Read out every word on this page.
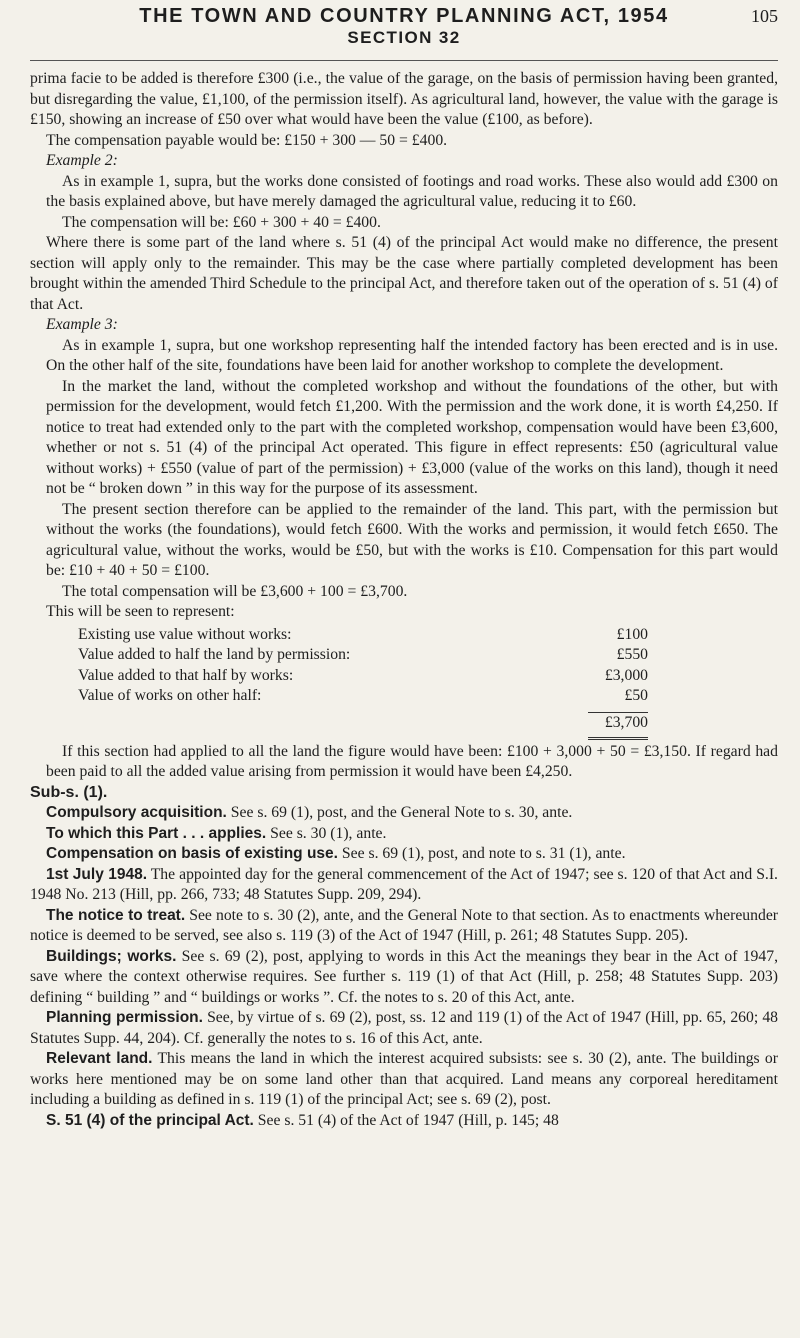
THE TOWN AND COUNTRY PLANNING ACT, 1954	105
SECTION 32

prima facie to be added is therefore £300 (i.e., the value of the garage, on the basis of permission having been granted, but disregarding the value, £1,100, of the permission itself). As agricultural land, however, the value with the garage is £150, showing an increase of £50 over what would have been the value (£100, as before).

The compensation payable would be: £150 + 300 — 50 = £400.

Example 2:

As in example 1, supra, but the works done consisted of footings and road works. These also would add £300 on the basis explained above, but have merely damaged the agricultural value, reducing it to £60.

The compensation will be: £60 + 300 + 40 = £400.

Where there is some part of the land where s. 51 (4) of the principal Act would make no difference, the present section will apply only to the remainder. This may be the case where partially completed development has been brought within the amended Third Schedule to the principal Act, and therefore taken out of the operation of s. 51 (4) of that Act.

Example 3:

As in example 1, supra, but one workshop representing half the intended factory has been erected and is in use. On the other half of the site, foundations have been laid for another workshop to complete the development.

In the market the land, without the completed workshop and without the foundations of the other, but with permission for the development, would fetch £1,200. With the permission and the work done, it is worth £4,250. If notice to treat had extended only to the part with the completed workshop, compensation would have been £3,600, whether or not s. 51 (4) of the principal Act operated. This figure in effect represents: £50 (agricultural value without works) + £550 (value of part of the permission) + £3,000 (value of the works on this land), though it need not be “ broken down ” in this way for the purpose of its assessment.

The present section therefore can be applied to the remainder of the land. This part, with the permission but without the works (the foundations), would fetch £600. With the works and permission, it would fetch £650. The agricultural value, without the works, would be £50, but with the works is £10. Compensation for this part would be: £10 + 40 + 50 = £100.

The total compensation will be £3,600 + 100 = £3,700.

This will be seen to represent:

Existing use value without works:	£100
Value added to half the land by permission:	£550
Value added to that half by works:	£3,000
Value of works on other half:	£50
£3,700

If this section had applied to all the land the figure would have been: £100 + 3,000 + 50 = £3,150. If regard had been paid to all the added value arising from permission it would have been £4,250.

Sub-s. (1).

Compulsory acquisition. See s. 69 (1), post, and the General Note to s. 30, ante.

To which this Part . . . applies. See s. 30 (1), ante.

Compensation on basis of existing use. See s. 69 (1), post, and note to s. 31 (1), ante.

1st July 1948. The appointed day for the general commencement of the Act of 1947; see s. 120 of that Act and S.I. 1948 No. 213 (Hill, pp. 266, 733; 48 Statutes Supp. 209, 294).

The notice to treat. See note to s. 30 (2), ante, and the General Note to that section. As to enactments whereunder notice is deemed to be served, see also s. 119 (3) of the Act of 1947 (Hill, p. 261; 48 Statutes Supp. 205).

Buildings; works. See s. 69 (2), post, applying to words in this Act the meanings they bear in the Act of 1947, save where the context otherwise requires. See further s. 119 (1) of that Act (Hill, p. 258; 48 Statutes Supp. 203) defining “ building ” and “ buildings or works ”. Cf. the notes to s. 20 of this Act, ante.

Planning permission. See, by virtue of s. 69 (2), post, ss. 12 and 119 (1) of the Act of 1947 (Hill, pp. 65, 260; 48 Statutes Supp. 44, 204). Cf. generally the notes to s. 16 of this Act, ante.

Relevant land. This means the land in which the interest acquired subsists: see s. 30 (2), ante. The buildings or works here mentioned may be on some land other than that acquired. Land means any corporeal hereditament including a building as defined in s. 119 (1) of the principal Act; see s. 69 (2), post.

S. 51 (4) of the principal Act. See s. 51 (4) of the Act of 1947 (Hill, p. 145; 48
